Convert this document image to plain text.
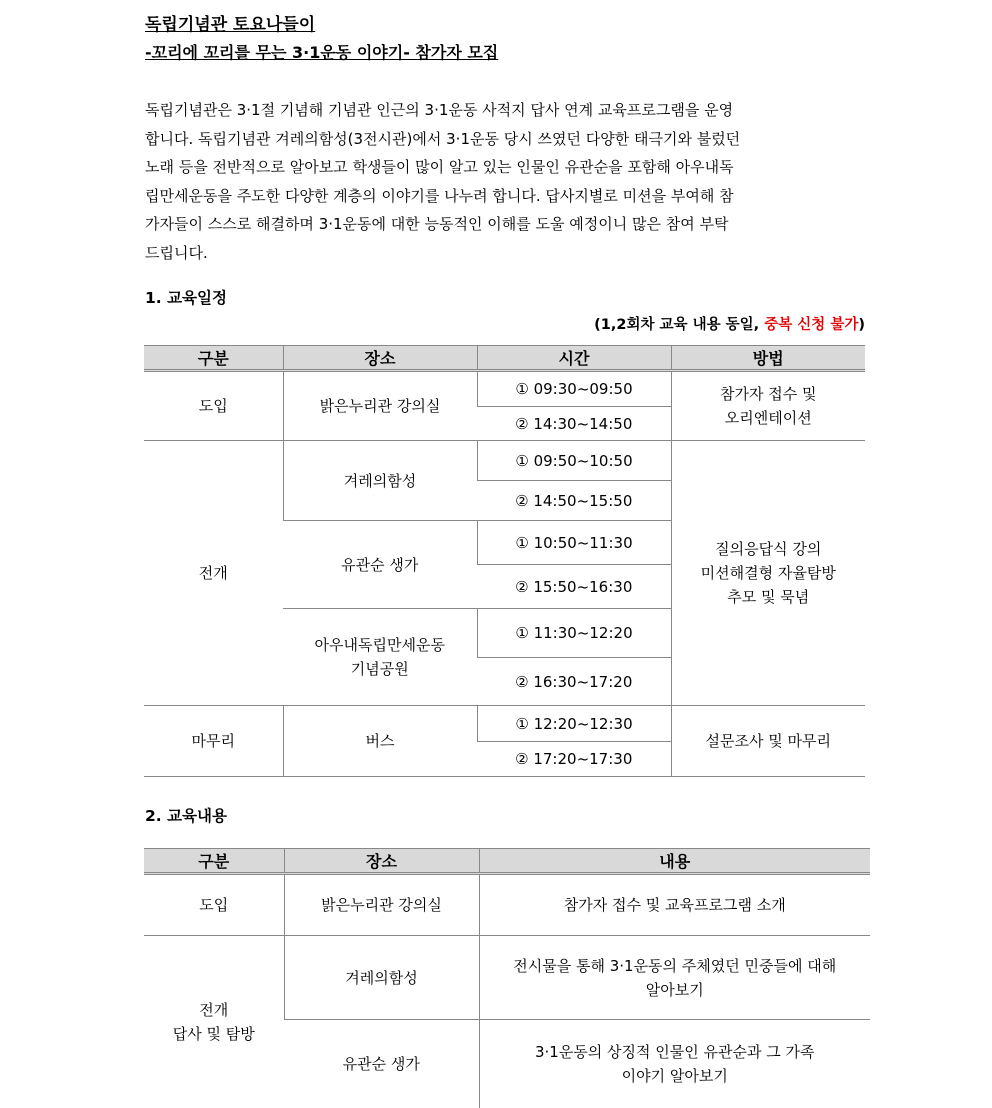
독립기념관 토요나들이
-꼬리에 꼬리를 무는 3·1운동 이야기- 참가자 모집
독립기념관은 3·1절 기념해 기념관 인근의 3·1운동 사적지 답사 연계 교육프로그램을 운영
합니다. 독립기념관 겨레의함성(3전시관)에서 3·1운동 당시 쓰였던 다양한 태극기와 불렀던
노래 등을 전반적으로 알아보고 학생들이 많이 알고 있는 인물인 유관순을 포함해 아우내독
립만세운동을 주도한 다양한 계층의 이야기를 나누려 합니다. 답사지별로 미션을 부여해 참
가자들이 스스로 해결하며 3·1운동에 대한 능동적인 이해를 도울 예정이니 많은 참여 부탁
드립니다.
1. 교육일정
(1,2회차 교육 내용 동일, 중복 신청 불가)
구분	장소	시간	방법
도입	밝은누리관 강의실	① 09:30~09:50	참가자 접수 및
오리엔테이션

		② 14:30~14:50	
전개	겨레의함성	① 09:50~10:50	질의응답식 강의
미션해결형 자율탐방
추모 및 묵념

		② 14:50~15:50	
	유관순 생가	① 10:50~11:30	
		② 15:50~16:30	

	아우내독립만세운동
기념공원	① 11:30~12:20	
		② 16:30~17:20	
마무리	버스	① 12:20~12:30	설문조사 및 마무리
		② 17:20~17:30	
2. 교육내용
구분	장소	내용
도입	밝은누리관 강의실	참가자 접수 및 교육프로그램 소개

전개
답사 및 탐방	겨레의함성	전시물을 통해 3·1운동의 주체였던 민중들에 대해
알아보기

	유관순 생가	3·1운동의 상징적 인물인 유관순과 그 가족
이야기 알아보기
